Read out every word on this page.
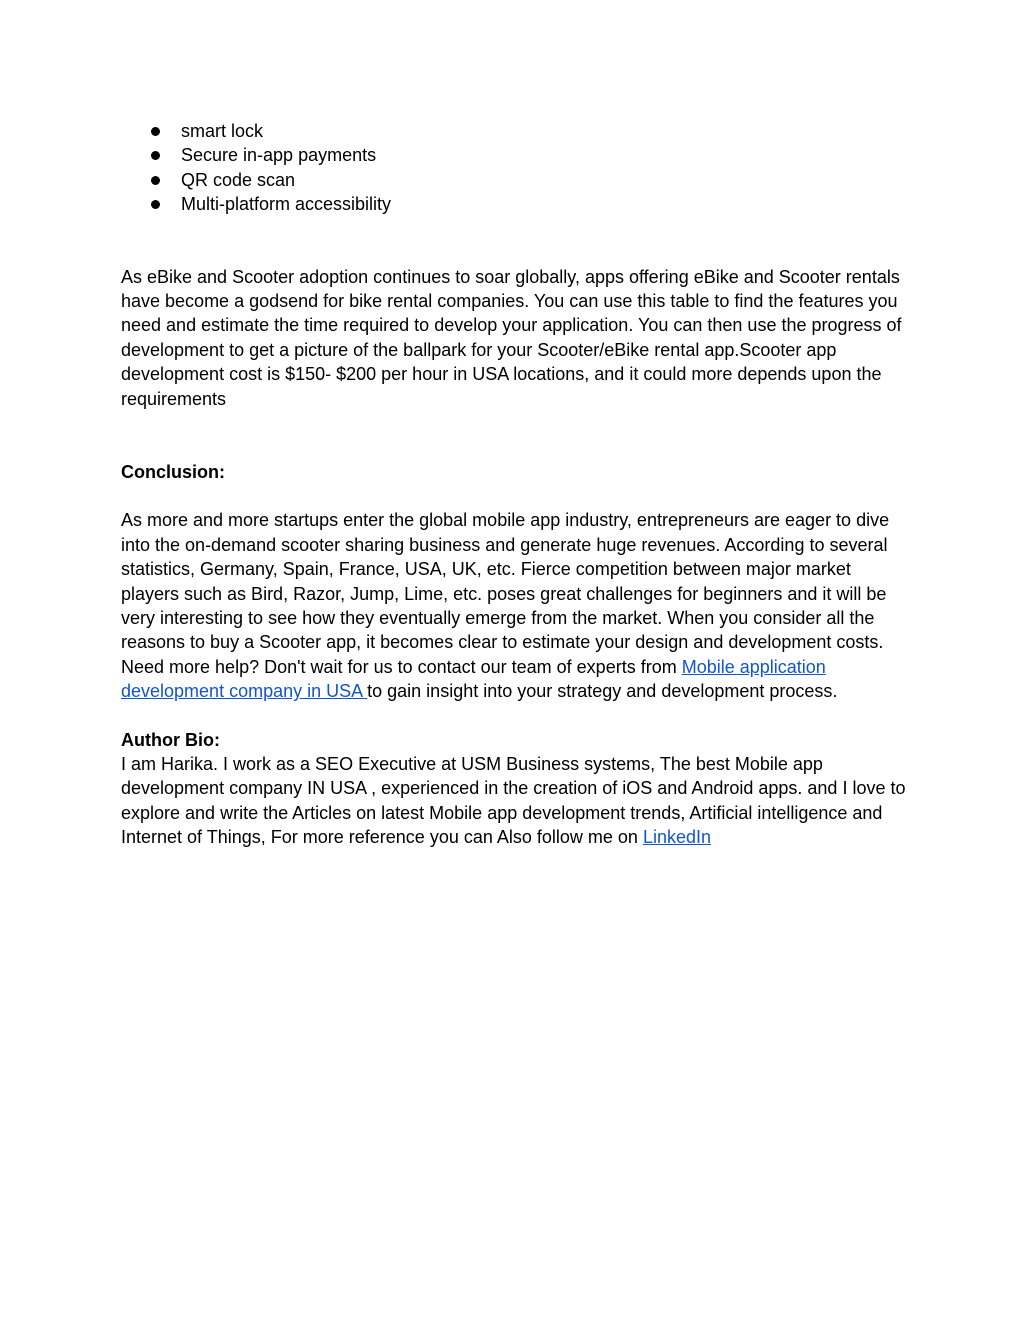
smart lock
Secure in-app payments
QR code scan
Multi-platform accessibility

As eBike and Scooter adoption continues to soar globally, apps offering eBike and Scooter rentals have become a godsend for bike rental companies. You can use this table to find the features you need and estimate the time required to develop your application. You can then use the progress of development to get a picture of the ballpark for your Scooter/eBike rental app.Scooter app development cost is $150- $200 per hour in USA locations, and it could more depends upon the requirements

Conclusion:

As more and more startups enter the global mobile app industry, entrepreneurs are eager to dive into the on-demand scooter sharing business and generate huge revenues. According to several statistics, Germany, Spain, France, USA, UK, etc. Fierce competition between major market players such as Bird, Razor, Jump, Lime, etc. poses great challenges for beginners and it will be very interesting to see how they eventually emerge from the market. When you consider all the reasons to buy a Scooter app, it becomes clear to estimate your design and development costs. Need more help? Don't wait for us to contact our team of experts from Mobile application development company in USA to gain insight into your strategy and development process.

Author Bio:

I am Harika. I work as a SEO Executive at USM Business systems, The best Mobile app development company IN USA , experienced in the creation of iOS and Android apps. and I love to explore and write the Articles on latest Mobile app development trends, Artificial intelligence and Internet of Things, For more reference you can Also follow me on LinkedIn
